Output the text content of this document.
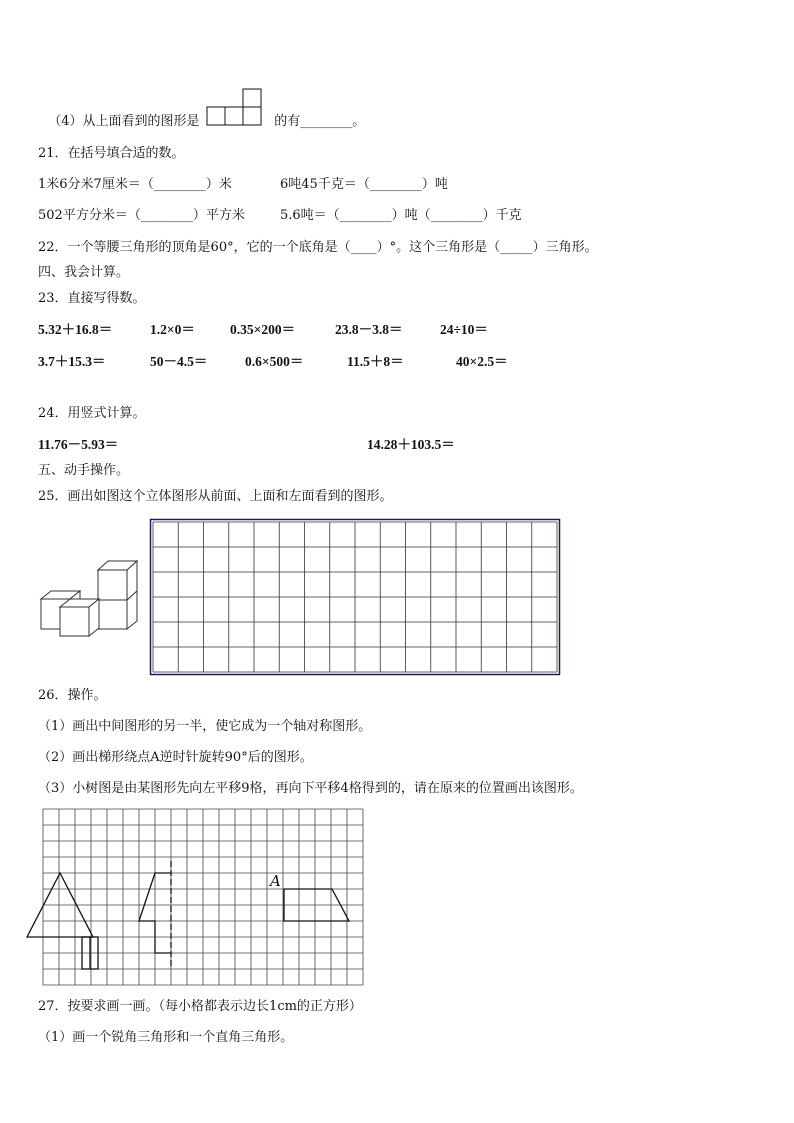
（4）从上面看到的图形是	的有________。

21．在括号填合适的数。
1米6分米7厘米＝（________）米	6吨45千克＝（________）吨
502平方分米＝（________）平方米	5.6吨＝（________）吨（________）千克
22．一个等腰三角形的顶角是60°，它的一个底角是（____）°。这个三角形是（_____）三角形。
四、我会计算。
23．直接写得数。
5.32＋16.8＝	1.2×0＝	0.35×200＝	23.8－3.8＝	24÷10＝
3.7＋15.3＝	50－4.5＝	0.6×500＝	11.5＋8＝	40×2.5＝
24．用竖式计算。
11.76－5.93＝	14.28＋103.5＝
五、动手操作。
25．画出如图这个立体图形从前面、上面和左面看到的图形。
26．操作。
（1）画出中间图形的另一半，使它成为一个轴对称图形。
（2）画出梯形绕点A逆时针旋转90°后的图形。
（3）小树图是由某图形先向左平移9格，再向下平移4格得到的，请在原来的位置画出该图形。
A
27．按要求画一画。（每小格都表示边长1cm的正方形）
（1）画一个锐角三角形和一个直角三角形。
